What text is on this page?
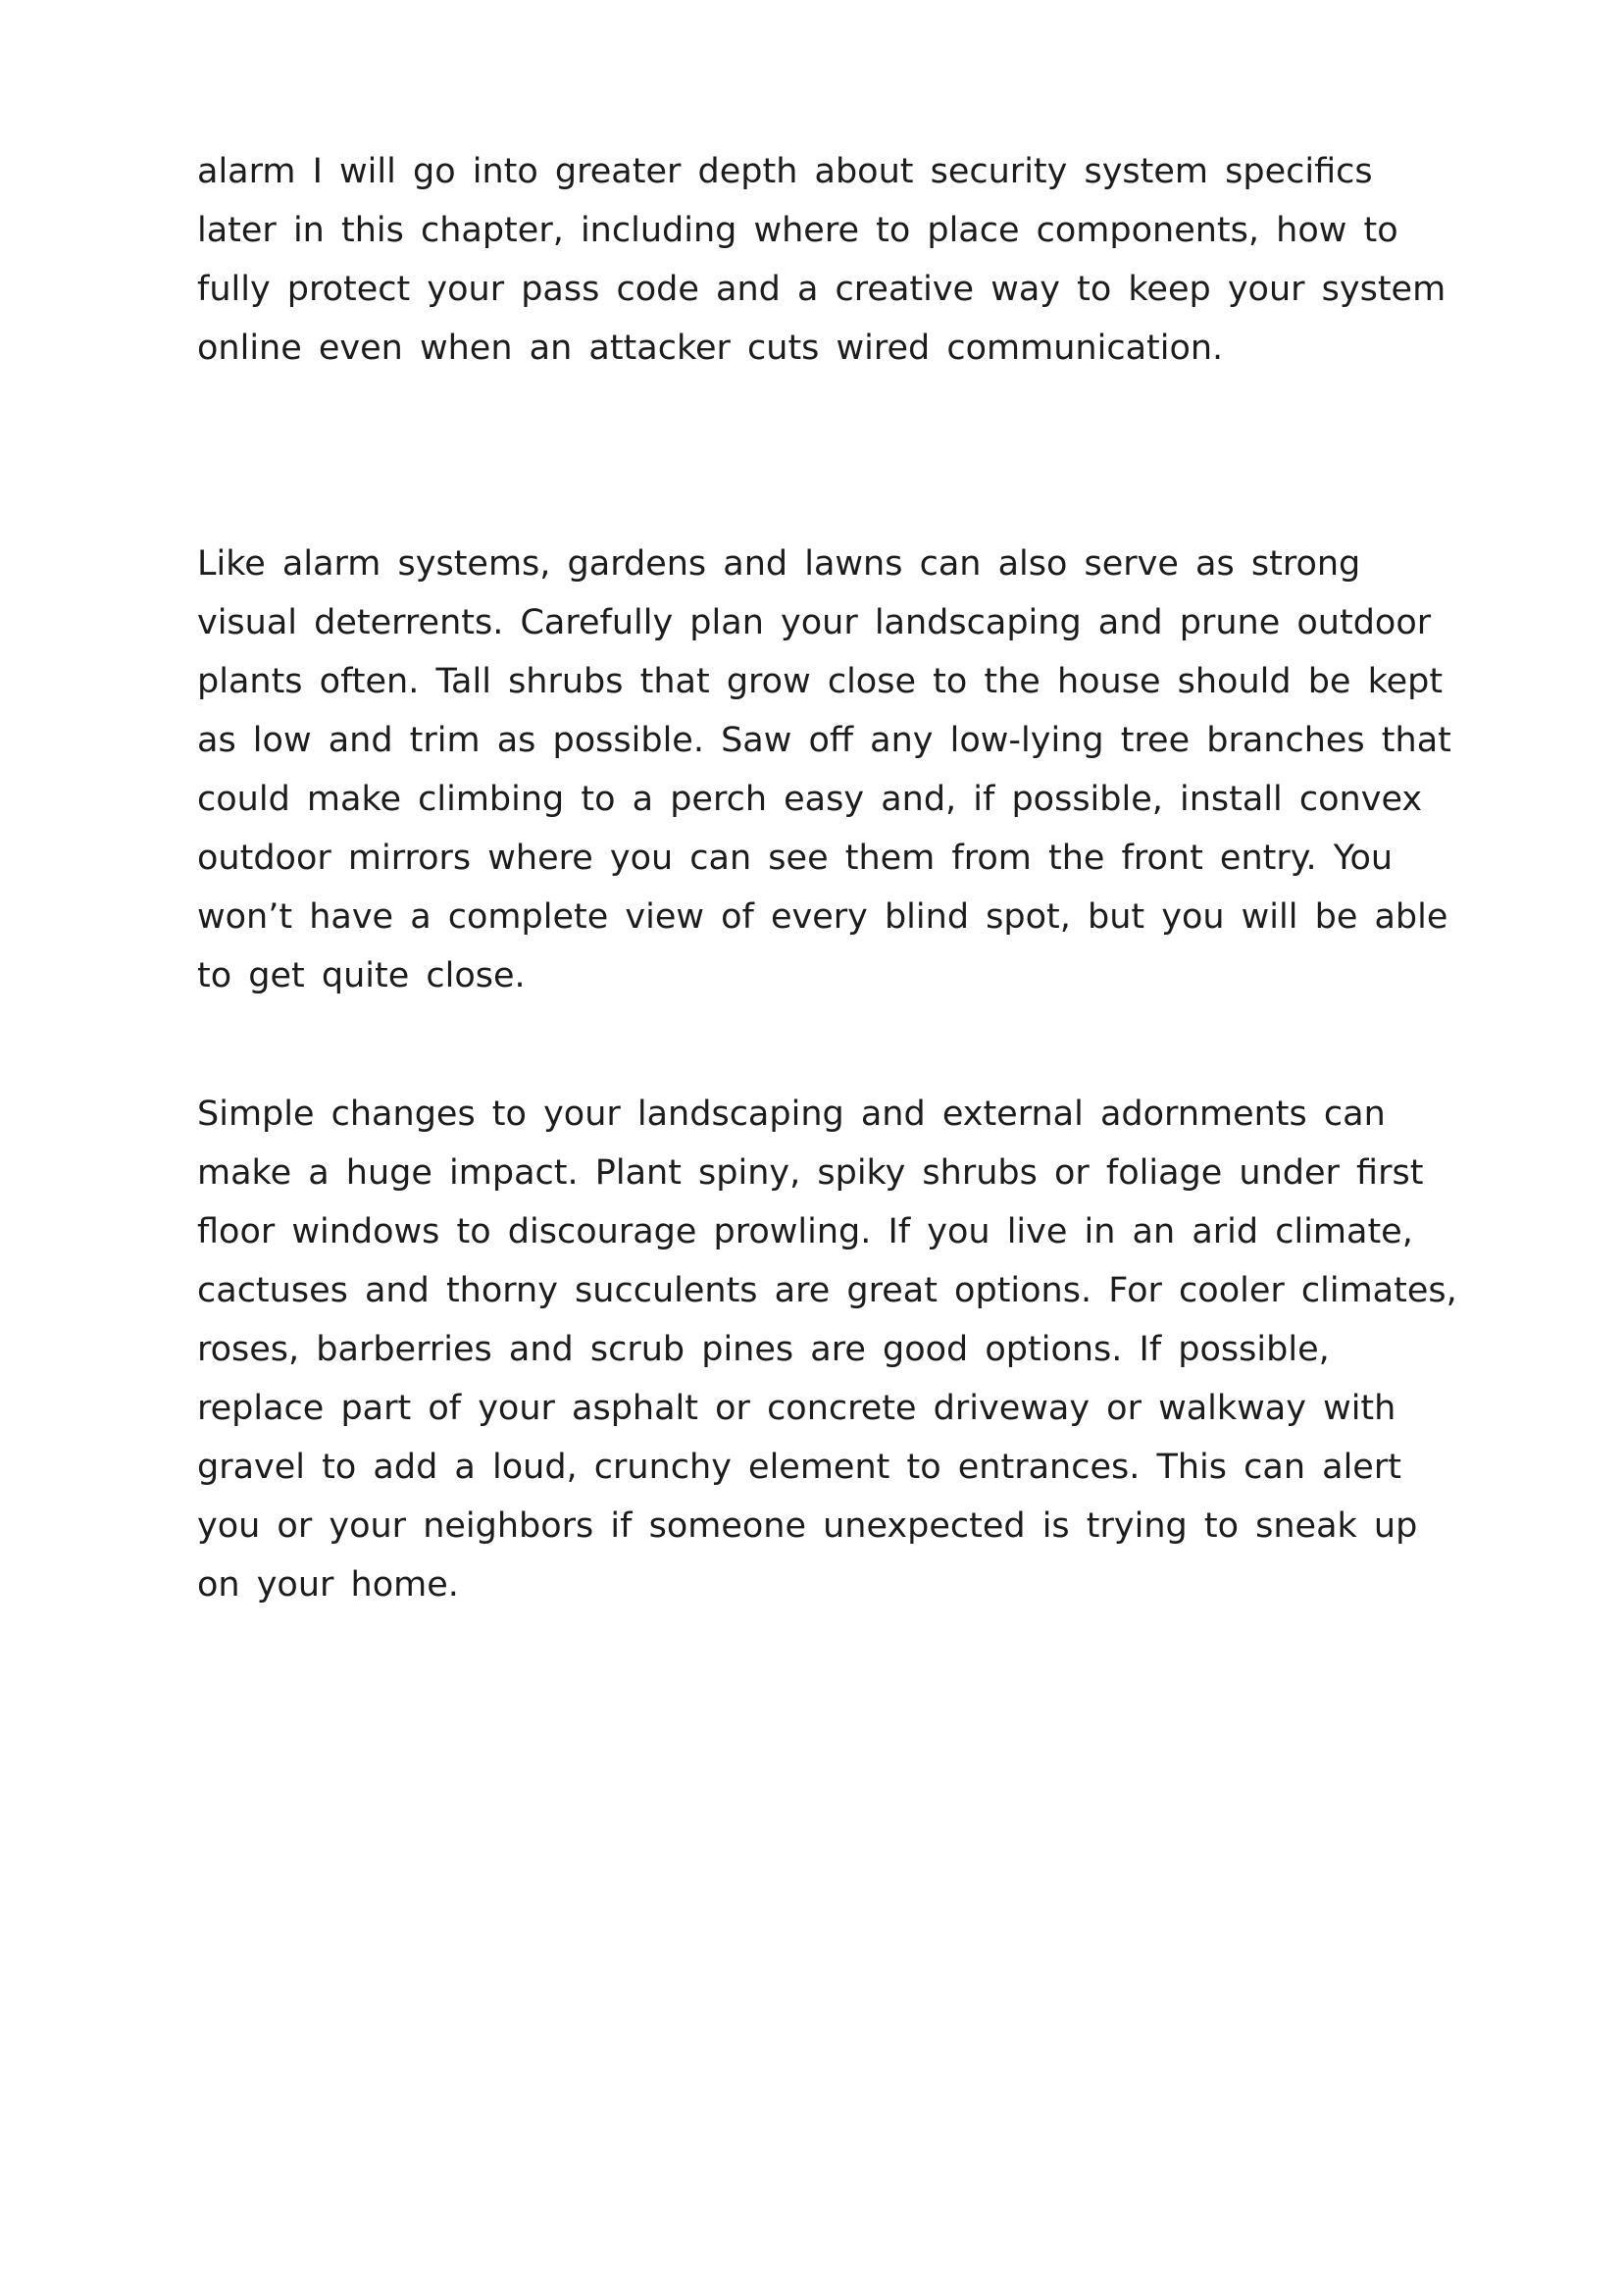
alarm I will go into greater depth about security system specifics
later in this chapter, including where to place components, how to
fully protect your pass code and a creative way to keep your system
online even when an attacker cuts wired communication.
Like alarm systems, gardens and lawns can also serve as strong
visual deterrents. Carefully plan your landscaping and prune outdoor
plants often. Tall shrubs that grow close to the house should be kept
as low and trim as possible. Saw off any low-lying tree branches that
could make climbing to a perch easy and, if possible, install convex
outdoor mirrors where you can see them from the front entry. You
won’t have a complete view of every blind spot, but you will be able
to get quite close.
Simple changes to your landscaping and external adornments can
make a huge impact. Plant spiny, spiky shrubs or foliage under first
floor windows to discourage prowling. If you live in an arid climate,
cactuses and thorny succulents are great options. For cooler climates,
roses, barberries and scrub pines are good options. If possible,
replace part of your asphalt or concrete driveway or walkway with
gravel to add a loud, crunchy element to entrances. This can alert
you or your neighbors if someone unexpected is trying to sneak up
on your home.
